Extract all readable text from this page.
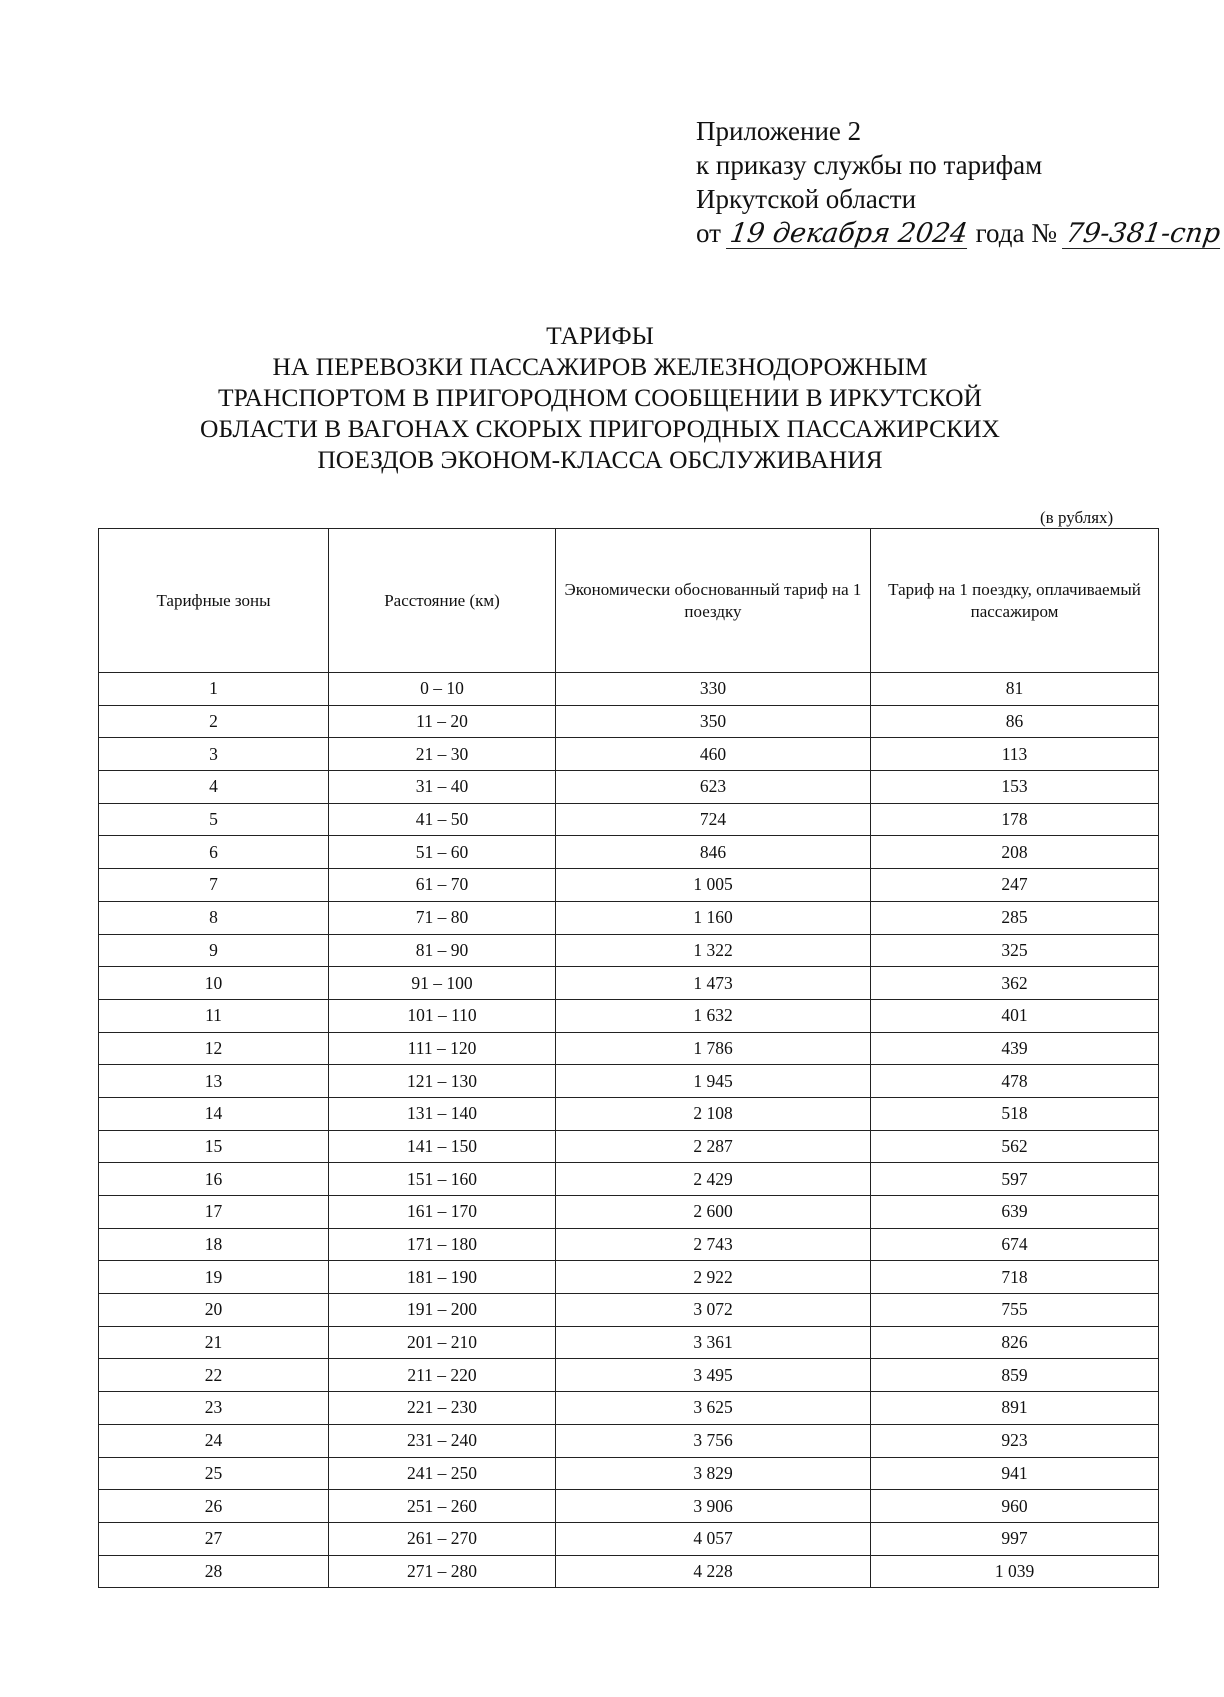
Приложение 2
к приказу службы по тарифам
Иркутской области
от 19 декабря 2024 года № 79-381-спр
ТАРИФЫ
НА ПЕРЕВОЗКИ ПАССАЖИРОВ ЖЕЛЕЗНОДОРОЖНЫМ
ТРАНСПОРТОМ В ПРИГОРОДНОМ СООБЩЕНИИ В ИРКУТСКОЙ
ОБЛАСТИ В ВАГОНАХ СКОРЫХ ПРИГОРОДНЫХ ПАССАЖИРСКИХ
ПОЕЗДОВ ЭКОНОМ-КЛАССА ОБСЛУЖИВАНИЯ
(в рублях)
Тарифные зоны	Расстояние (км)	Экономически обоснованный тариф на 1 поездку	Тариф на 1 поездку, оплачиваемый пассажиром
1	0 – 10	330	81
2	11 – 20	350	86
3	21 – 30	460	113
4	31 – 40	623	153
5	41 – 50	724	178
6	51 – 60	846	208
7	61 – 70	1 005	247
8	71 – 80	1 160	285
9	81 – 90	1 322	325
10	91 – 100	1 473	362
11	101 – 110	1 632	401
12	111 – 120	1 786	439
13	121 – 130	1 945	478
14	131 – 140	2 108	518
15	141 – 150	2 287	562
16	151 – 160	2 429	597
17	161 – 170	2 600	639
18	171 – 180	2 743	674
19	181 – 190	2 922	718
20	191 – 200	3 072	755
21	201 – 210	3 361	826
22	211 – 220	3 495	859
23	221 – 230	3 625	891
24	231 – 240	3 756	923
25	241 – 250	3 829	941
26	251 – 260	3 906	960
27	261 – 270	4 057	997
28	271 – 280	4 228	1 039
